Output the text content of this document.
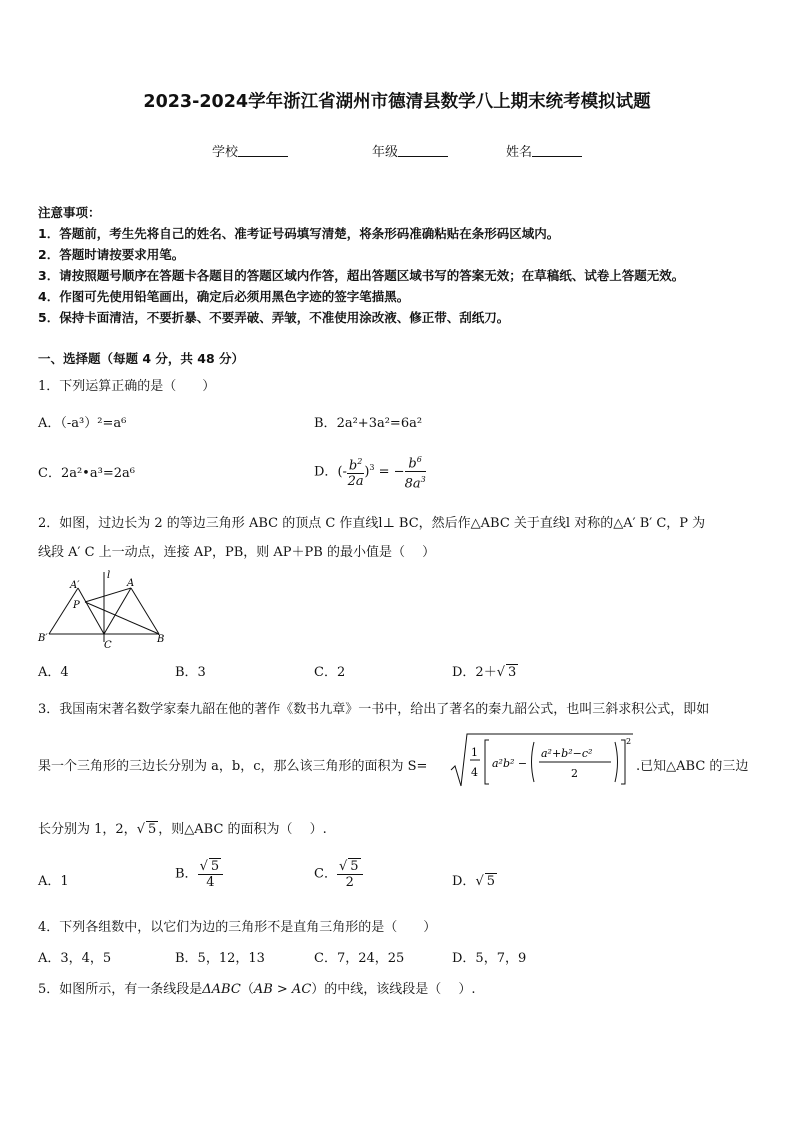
2023-2024学年浙江省湖州市德清县数学八上期末统考模拟试题
学校	年级	姓名
注意事项：
1．答题前，考生先将自己的姓名、准考证号码填写清楚，将条形码准确粘贴在条形码区域内。
2．答题时请按要求用笔。
3．请按照题号顺序在答题卡各题目的答题区域内作答，超出答题区域书写的答案无效；在草稿纸、试卷上答题无效。
4．作图可先使用铅笔画出，确定后必须用黑色字迹的签字笔描黑。
5．保持卡面清洁，不要折暴、不要弄破、弄皱，不准使用涂改液、修正带、刮纸刀。
一、选择题（每题 4 分，共 48 分）
1．下列运算正确的是（　　）
A．（-a³）²=a⁶	B．2a²+3a²=6a²
C．2a²•a³=2a⁶	D．(- $\frac{b^2}{2a} )^3$ = − $\frac{b^6}{8a^3}$
2．如图，过边长为 2 的等边三角形 ABC 的顶点 C 作直线l⊥ BC，然后作△ABC 关于直线l 对称的△A′ B′ C，P 为
线段 A′ C 上一动点，连接 AP，PB，则 AP＋PB 的最小值是（　 ）
A′
l
A
P
B′
C
B
A．4	B．3	C．2	D．2＋√ 3
3．我国南宋著名数学家秦九韶在他的著作《数书九章》一书中，给出了著名的秦九韶公式，也叫三斜求积公式，即如
果一个三角形的三边长分别为 a，b，c，那么该三角形的面积为 S=
1
4
a²b² −
a²+b²−c²
2
2
.已知△ABC 的三边
长分别为 1，2，√ 5 ，则△ABC 的面积为（　 ）.
A．1	B． $\frac{√ 5}{4}$	C． $\frac{√ 5}{2}$	D．√ 5
4．下列各组数中，以它们为边的三角形不是直角三角形的是（　　）
A．3，4，5	B．5，12，13	C．7，24，25	D．5，7，9
5．如图所示，有一条线段是ΔABC（AB > AC）的中线，该线段是（　 ）.
